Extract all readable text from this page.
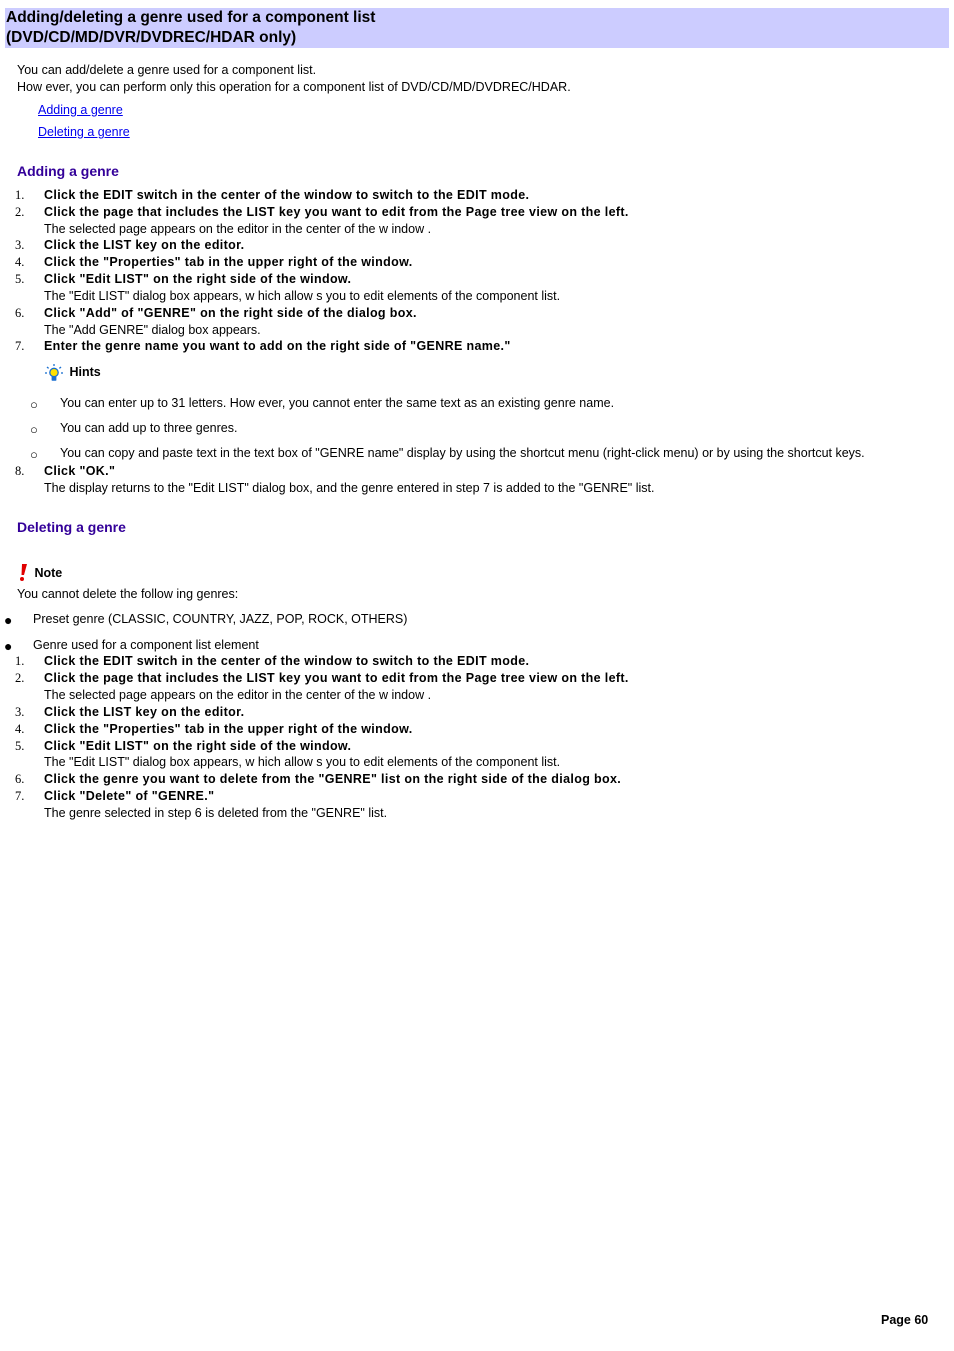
Adding/deleting a genre used for a component list

(DVD/CD/MD/DVR/DVDREC/HDAR only)

You can add/delete a genre used for a component list.
How ever, you can perform only this operation for a component list of DVD/CD/MD/DVDREC/HDAR.
Adding a genre
Deleting a genre
Adding a genre
1. Click the EDIT switch in the center of the window to switch to the EDIT mode.
2. Click the page that includes the LIST key you want to edit from the Page tree view on the left.
The selected page appears on the editor in the center of the w indow .
3. Click the LIST key on the editor.
4. Click the "Properties" tab in the upper right of the window.
5. Click "Edit LIST" on the right side of the window.
The "Edit LIST" dialog box appears, w hich allow s you to edit elements of the component list.
6. Click "Add" of "GENRE" on the right side of the dialog box.
The "Add GENRE" dialog box appears.
7. Enter the genre name you want to add on the right side of "GENRE name."
Hints
○ You can enter up to 31 letters. How ever, you cannot enter the same text as an existing genre name.
○ You can add up to three genres.
○ You can copy and paste text in the text box of "GENRE name" display by using the shortcut menu (right-click menu) or by using the shortcut keys.
8. Click "OK."
The display returns to the "Edit LIST" dialog box, and the genre entered in step 7 is added to the "GENRE" list.
Deleting a genre
Note
You cannot delete the follow ing genres:
● Preset genre (CLASSIC, COUNTRY, JAZZ, POP, ROCK, OTHERS)
● Genre used for a component list element
1. Click the EDIT switch in the center of the window to switch to the EDIT mode.
2. Click the page that includes the LIST key you want to edit from the Page tree view on the left.
The selected page appears on the editor in the center of the w indow .
3. Click the LIST key on the editor.
4. Click the "Properties" tab in the upper right of the window.
5. Click "Edit LIST" on the right side of the window.
The "Edit LIST" dialog box appears, w hich allow s you to edit elements of the component list.
6. Click the genre you want to delete from the "GENRE" list on the right side of the dialog box.
7. Click "Delete" of "GENRE."
The genre selected in step 6 is deleted from the "GENRE" list.
Page 60
